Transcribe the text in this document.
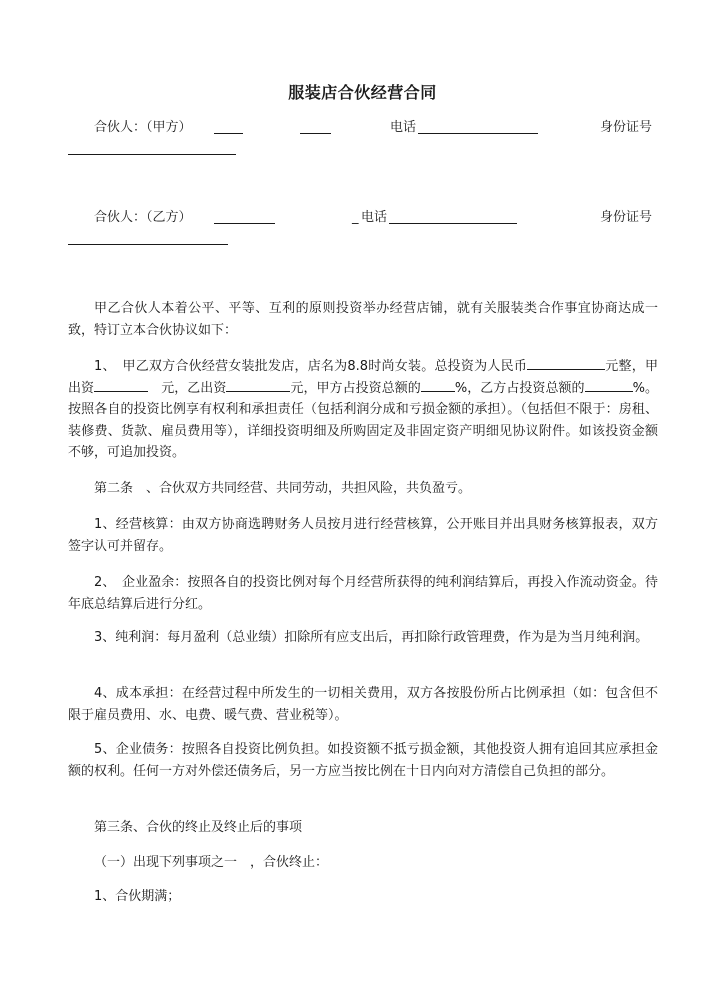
服装店合伙经营合同
合伙人：（甲方）	电话	身份证号
合伙人：（乙方）	_ 电话	身份证号
甲乙合伙人本着公平、平等、互利的原则投资举办经营店铺，就有关服装类合作事宜协商达成一致，特订立本合伙协议如下：
1、　甲乙双方合伙经营女装批发店，店名为8.8时尚女装。总投资为人民币	元整，甲出资　	元，乙出资	元，甲方占投资总额的	%，乙方占投资总额的	%。按照各自的投资比例享有权利和承担责任（包括利润分成和亏损金额的承担）。（包括但不限于：房租、装修费、货款、雇员费用等），详细投资明细及所购固定及非固定资产明细见协议附件。如该投资金额不够，可追加投资。
第二条　、合伙双方共同经营、共同劳动，共担风险，共负盈亏。
1、经营核算：由双方协商选聘财务人员按月进行经营核算，公开账目并出具财务核算报表，双方签字认可并留存。
2、　企业盈余：按照各自的投资比例对每个月经营所获得的纯利润结算后，再投入作流动资金。待年底总结算后进行分红。
3、纯利润：每月盈利（总业绩）扣除所有应支出后，再扣除行政管理费，作为是为当月纯利润。
4、成本承担：在经营过程中所发生的一切相关费用，双方各按股份所占比例承担（如：包含但不限于雇员费用、水、电费、暖气费、营业税等）。
5、企业债务：按照各自投资比例负担。如投资额不抵亏损金额，其他投资人拥有追回其应承担金额的权利。任何一方对外偿还债务后，另一方应当按比例在十日内向对方清偿自己负担的部分。
第三条、合伙的终止及终止后的事项
（一）出现下列事项之一　，合伙终止：
1、合伙期满；
